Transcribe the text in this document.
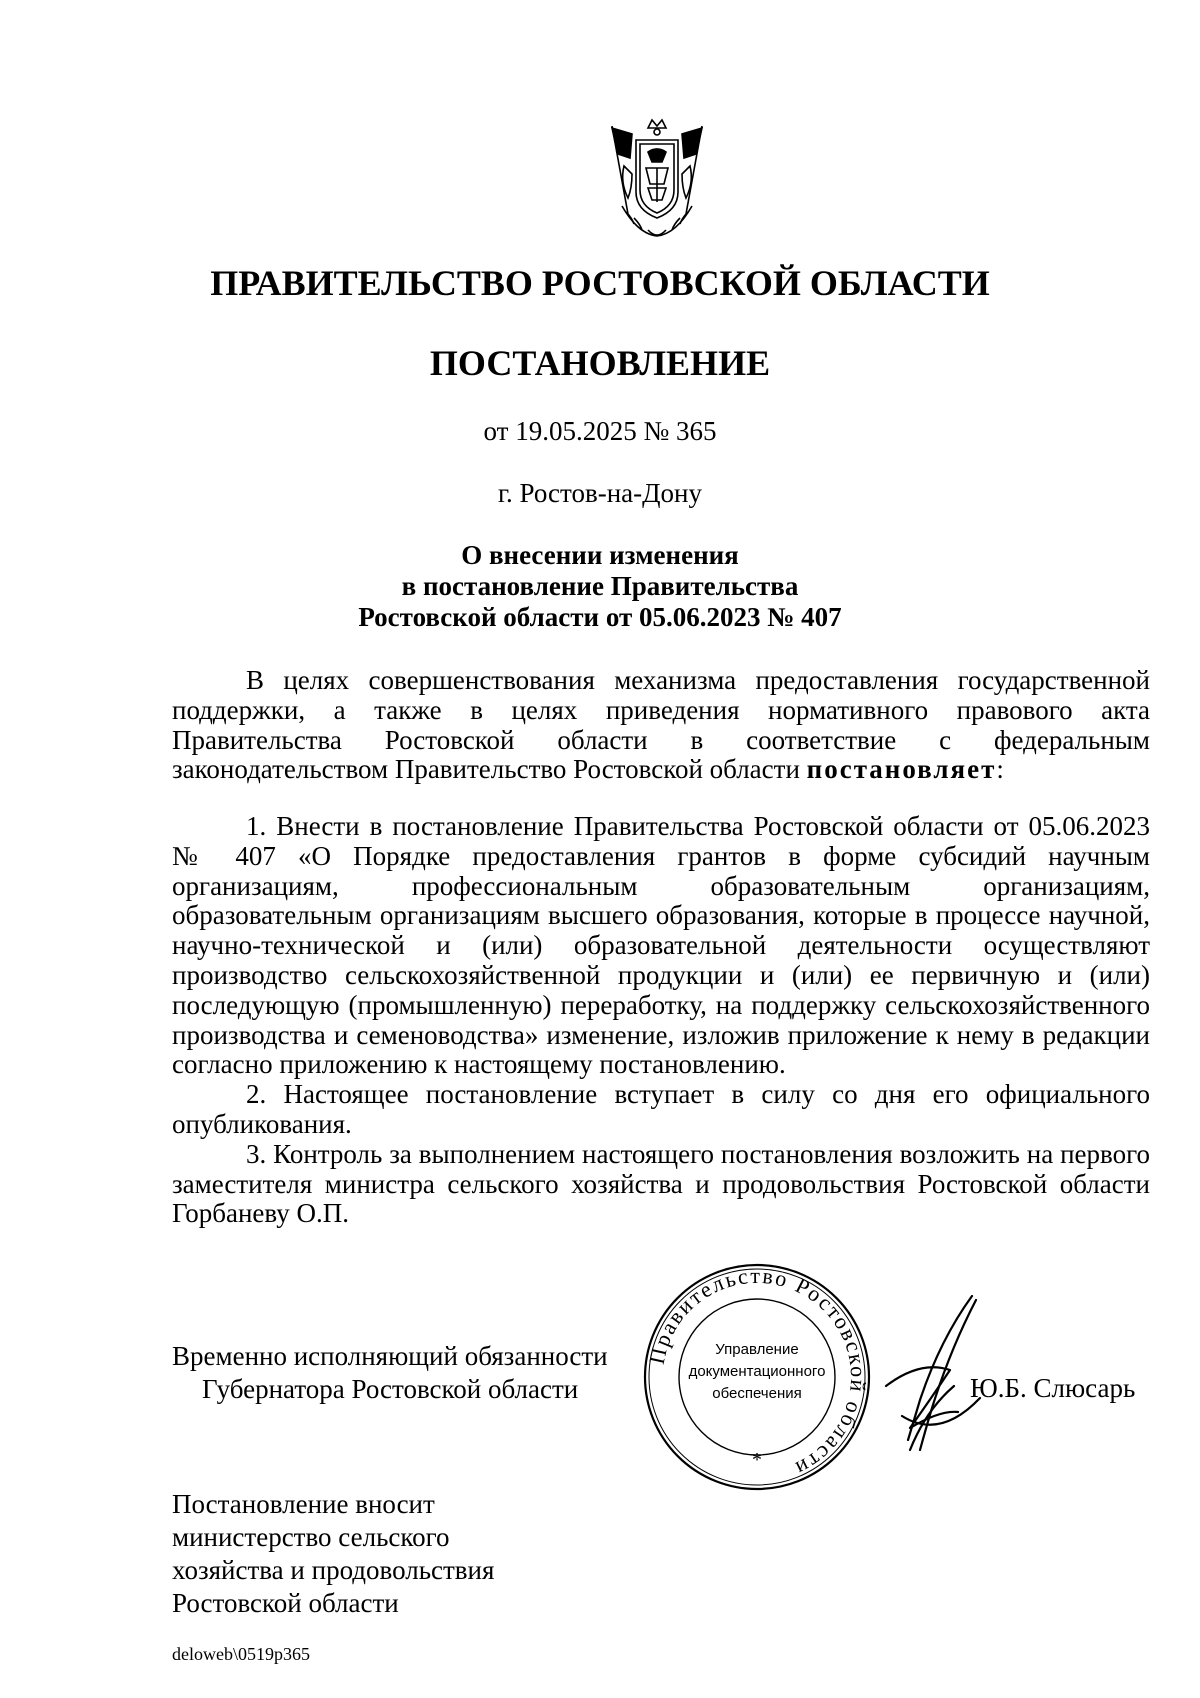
ПРАВИТЕЛЬСТВО РОСТОВСКОЙ ОБЛАСТИ
ПОСТАНОВЛЕНИЕ
от 19.05.2025 № 365
г. Ростов-на-Дону
О внесении изменения
в постановление Правительства
Ростовской области от 05.06.2023 № 407

В целях совершенствования механизма предоставления государственной поддержки, а также в целях приведения нормативного правового акта Правительства Ростовской области в соответствие с федеральным законодательством Правительство Ростовской области постановляет:

1. Внести в постановление Правительства Ростовской области от 05.06.2023 № 407 «О Порядке предоставления грантов в форме субсидий научным организациям, профессиональным образовательным организациям, образовательным организациям высшего образования, которые в процессе научной, научно-технической и (или) образовательной деятельности осуществляют производство сельскохозяйственной продукции и (или) ее первичную и (или) последующую (промышленную) переработку, на поддержку сельскохозяйственного производства и семеноводства» изменение, изложив приложение к нему в редакции согласно приложению к настоящему постановлению.

2. Настоящее постановление вступает в силу со дня его официального опубликования.

3. Контроль за выполнением настоящего постановления возложить на первого заместителя министра сельского хозяйства и продовольствия Ростовской области Горбаневу О.П.

Временно исполняющий обязанности
Губернатора Ростовской области
Правительство Ростовской области
Управление
документационного
обеспечения
*
Ю.Б. Слюсарь
Постановление вносит
министерство сельского
хозяйства и продовольствия
Ростовской области
deloweb\0519p365
